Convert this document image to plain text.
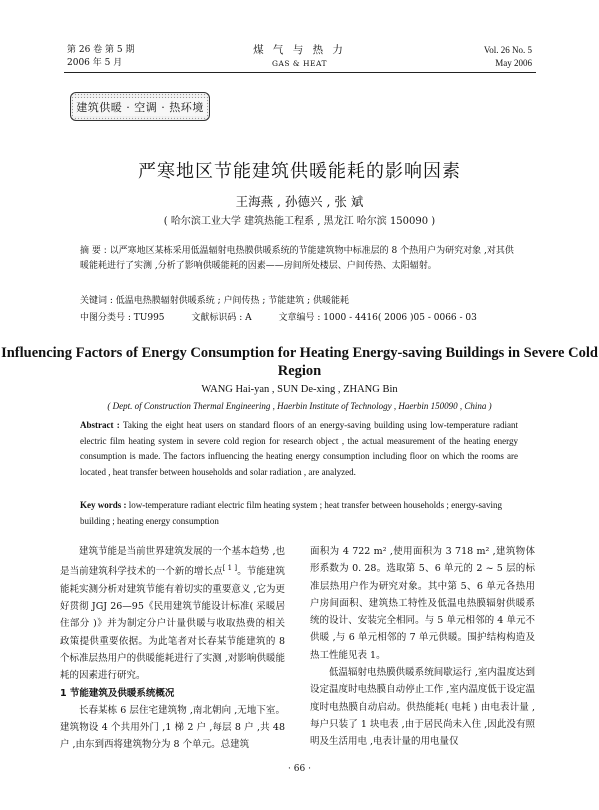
第 26 卷 第 5 期
2006 年 5 月
煤 气 与 热 力
GAS & HEAT
Vol. 26 No. 5
May 2006
建筑供暖 · 空调 · 热环境
严寒地区节能建筑供暖能耗的影响因素
王海燕 , 孙德兴 , 张 斌
( 哈尔滨工业大学 建筑热能工程系 , 黑龙江 哈尔滨 150090 )
摘 要 : 以严寒地区某栋采用低温辐射电热膜供暖系统的节能建筑物中标准层的 8 个热用户为研究对象 ,对其供暖能耗进行了实测 ,分析了影响供暖能耗的因素——房间所处楼层、户间传热、太阳辐射。
关键词 : 低温电热膜辐射供暖系统 ; 户间传热 ; 节能建筑 ; 供暖能耗
中图分类号 : TU995	文献标识码 : A	文章编号 : 1000 - 4416( 2006 )05 - 0066 - 03
Influencing Factors of Energy Consumption for Heating Energy-saving Buildings in Severe Cold Region
WANG Hai-yan , SUN De-xing , ZHANG Bin
( Dept. of Construction Thermal Engineering , Haerbin Institute of Technology , Haerbin 150090 , China )
Abstract : Taking the eight heat users on standard floors of an energy-saving building using low-temperature radiant electric film heating system in severe cold region for research object , the actual measurement of the heating energy consumption is made. The factors influencing the heating energy consumption including floor on which the rooms are located , heat transfer between households and solar radiation , are analyzed.
Key words : low-temperature radiant electric film heating system ; heat transfer between households ; energy-saving building ; heating energy consumption

建筑节能是当前世界建筑发展的一个基本趋势 ,也是当前建筑科学技术的一个新的增长点[ 1 ]。节能建筑能耗实测分析对建筑节能有着切实的重要意义 ,它为更好贯彻 JGJ 26—95《民用建筑节能设计标准( 采暖居住部分 )》并为制定分户计量供暖与收取热费的相关政策提供重要依据。为此笔者对长春某节能建筑的 8 个标准层热用户的供暖能耗进行了实测 ,对影响供暖能耗的因素进行研究。

1 节能建筑及供暖系统概况

长春某栋 6 层住宅建筑物 ,南北朝向 ,无地下室。建筑物设 4 个共用外门 ,1 梯 2 户 ,每层 8 户 ,共 48 户 ,由东到西将建筑物分为 8 个单元。总建筑

面积为 4 722 m² ,使用面积为 3 718 m² ,建筑物体形系数为 0. 28。选取第 5、6 单元的 2 ~ 5 层的标准层热用户作为研究对象。其中第 5、6 单元各热用户房间面积、建筑热工特性及低温电热膜辐射供暖系统的设计、安装完全相同。与 5 单元相邻的 4 单元不供暖 ,与 6 单元相邻的 7 单元供暖。围护结构构造及热工性能见表 1。

低温辐射电热膜供暖系统间歇运行 ,室内温度达到设定温度时电热膜自动停止工作 ,室内温度低于设定温度时电热膜自动启动。供热能耗( 电耗 ) 由电表计量 ,每户只装了 1 块电表 ,由于居民尚未入住 ,因此没有照明及生活用电 ,电表计量的用电量仅

· 66 ·
